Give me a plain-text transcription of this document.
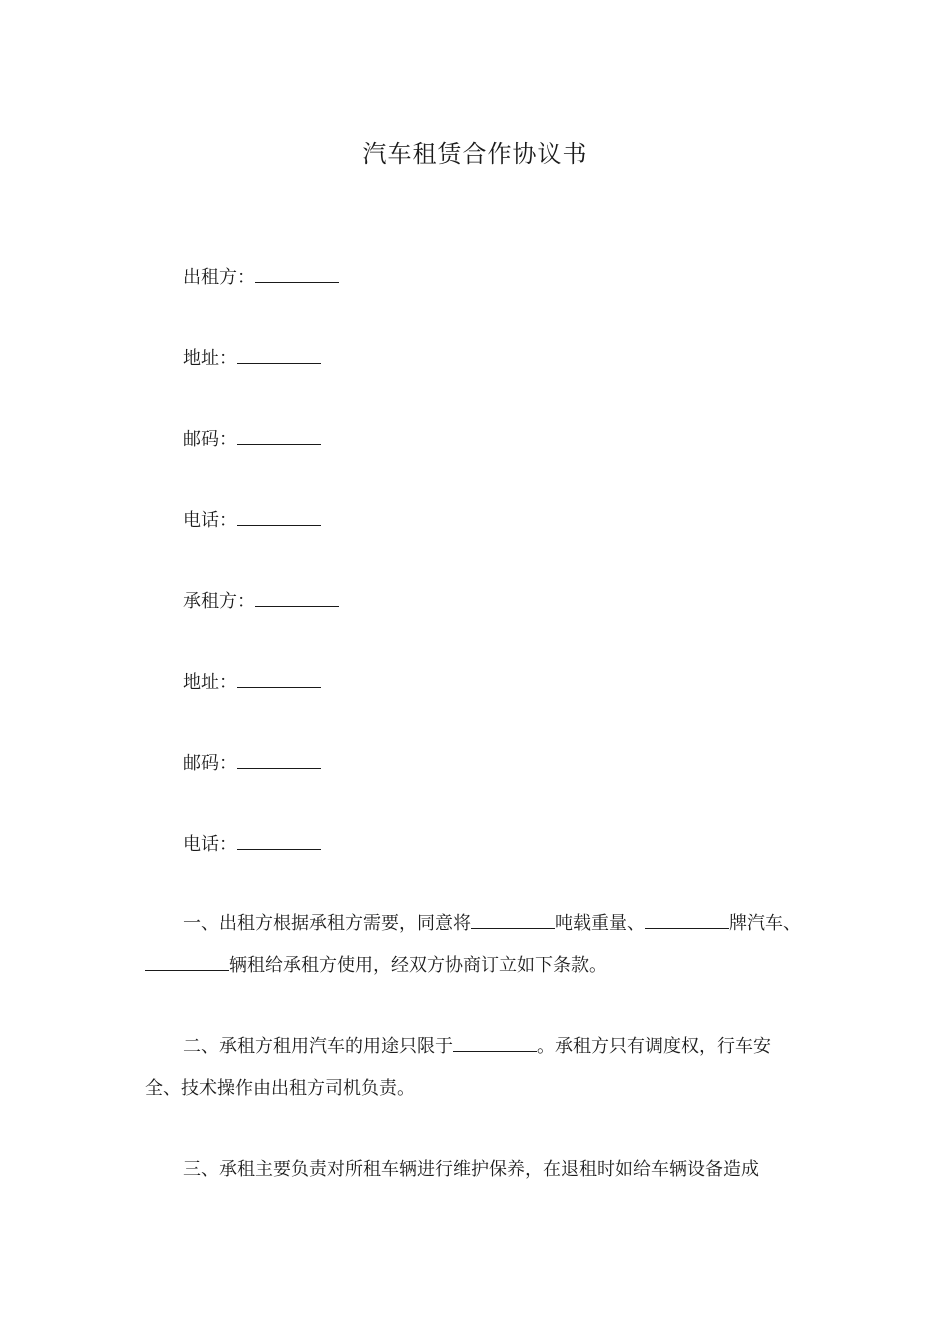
汽车租赁合作协议书
出租方：
地址：
邮码：
电话：
承租方：
地址：
邮码：
电话：
一、出租方根据承租方需要，同意将	吨载重量、	牌汽车、辆租给承租方使用，经双方协商订立如下条款。
二、承租方租用汽车的用途只限于	。承租方只有调度权，行车安全、技术操作由出租方司机负责。
三、承租主要负责对所租车辆进行维护保养，在退租时如给车辆设备造成
